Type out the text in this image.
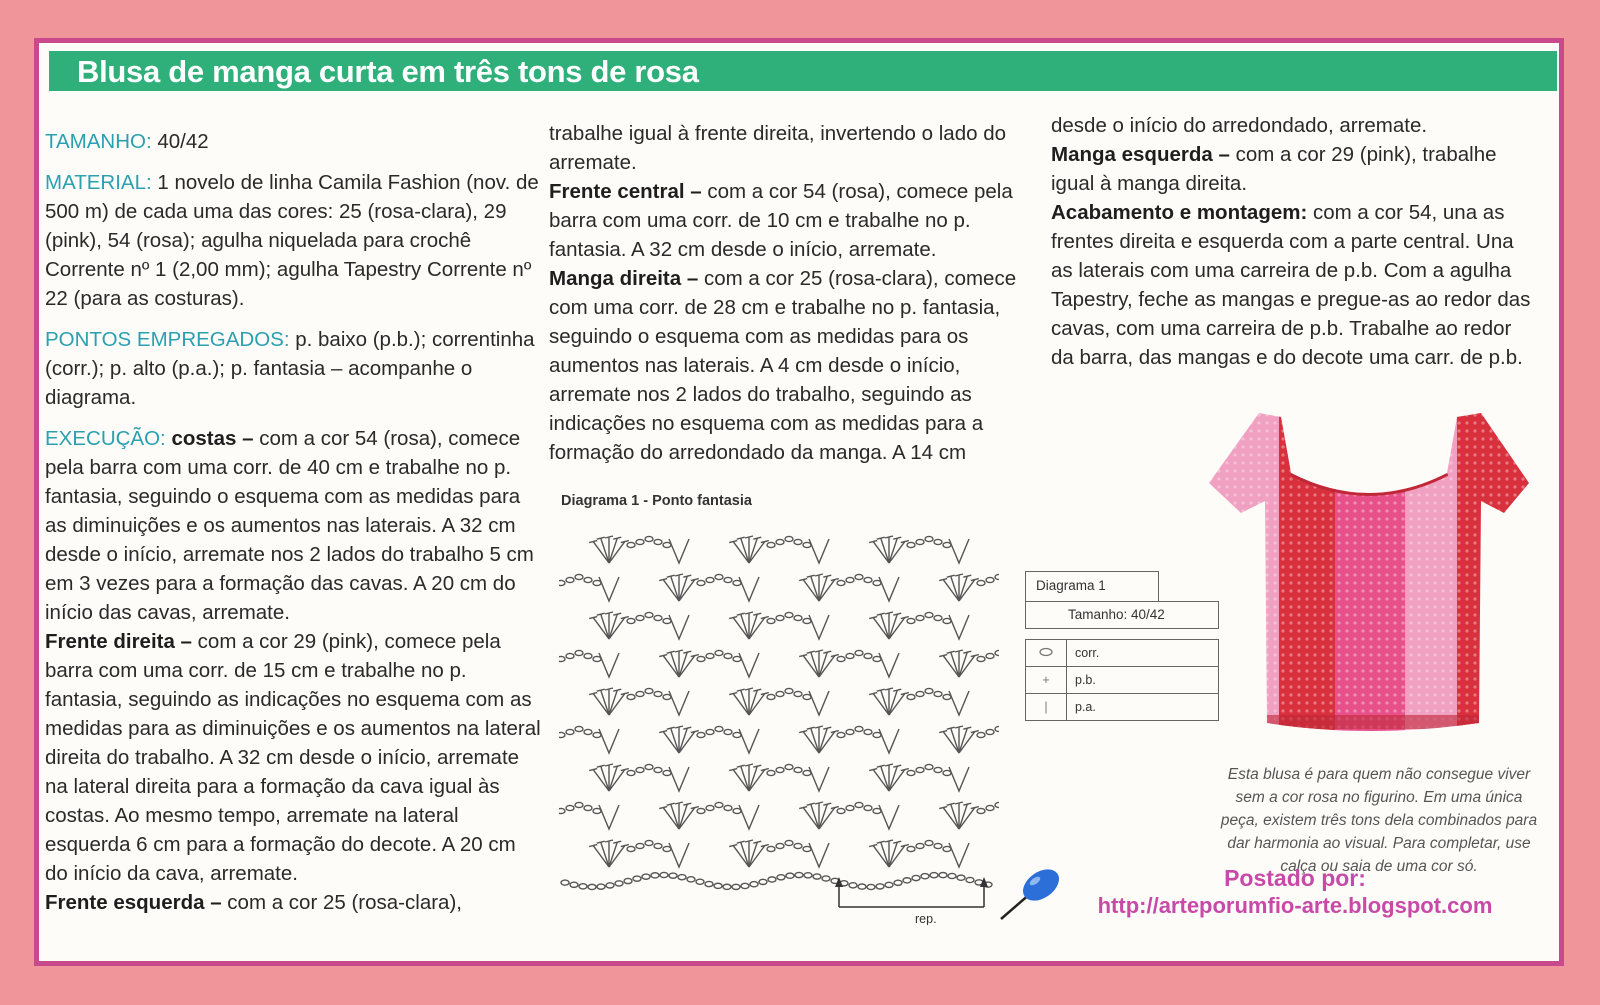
Blusa de manga curta em três tons de rosa

TAMANHO: 40/42

MATERIAL: 1 novelo de linha Camila Fashion (nov. de 500 m) de cada uma das cores: 25 (rosa-clara), 29 (pink), 54 (rosa); agulha niquelada para crochê Corrente nº 1 (2,00 mm); agulha Tapestry Corrente nº 22 (para as costuras).

PONTOS EMPREGADOS: p. baixo (p.b.); correntinha (corr.); p. alto (p.a.); p. fantasia – acompanhe o diagrama.

EXECUÇÃO: costas – com a cor 54 (rosa), comece pela barra com uma corr. de 40 cm e trabalhe no p. fantasia, seguindo o esquema com as medidas para as diminuições e os aumentos nas laterais. A 32 cm desde o início, arremate nos 2 lados do trabalho 5 cm em 3 vezes para a formação das cavas. A 20 cm do início das cavas, arremate.

Frente direita – com a cor 29 (pink), comece pela barra com uma corr. de 15 cm e trabalhe no p. fantasia, seguindo as indicações no esquema com as medidas para as diminuições e os aumentos na lateral direita do trabalho. A 32 cm desde o início, arremate na lateral direita para a formação da cava igual às costas. Ao mesmo tempo, arremate na lateral esquerda 6 cm para a formação do decote. A 20 cm do início da cava, arremate.

Frente esquerda – com a cor 25 (rosa-clara),

trabalhe igual à frente direita, invertendo o lado do arremate.

Frente central – com a cor 54 (rosa), comece pela barra com uma corr. de 10 cm e trabalhe no p. fantasia. A 32 cm desde o início, arremate.

Manga direita – com a cor 25 (rosa-clara), comece com uma corr. de 28 cm e trabalhe no p. fantasia, seguindo o esquema com as medidas para os aumentos nas laterais. A 4 cm desde o início, arremate nos 2 lados do trabalho, seguindo as indicações no esquema com as medidas para a formação do arredondado da manga. A 14 cm

desde o início do arredondado, arremate.

Manga esquerda – com a cor 29 (pink), trabalhe igual à manga direita.

Acabamento e montagem: com a cor 54, una as frentes direita e esquerda com a parte central. Una as laterais com uma carreira de p.b. Com a agulha Tapestry, feche as mangas e pregue-as ao redor das cavas, com uma carreira de p.b. Trabalhe ao redor da barra, das mangas e do decote uma carr. de p.b.

Diagrama 1 - Ponto fantasia
rep.
Diagrama 1
Tamanho: 40/42
	corr.
+	p.b.
|	p.a.
Esta blusa é para quem não consegue viver sem a cor rosa no figurino. Em uma única peça, existem três tons dela combinados para dar harmonia ao visual. Para completar, use calça ou saia de uma cor só.
Postado por:
http://arteporumfio-arte.blogspot.com
